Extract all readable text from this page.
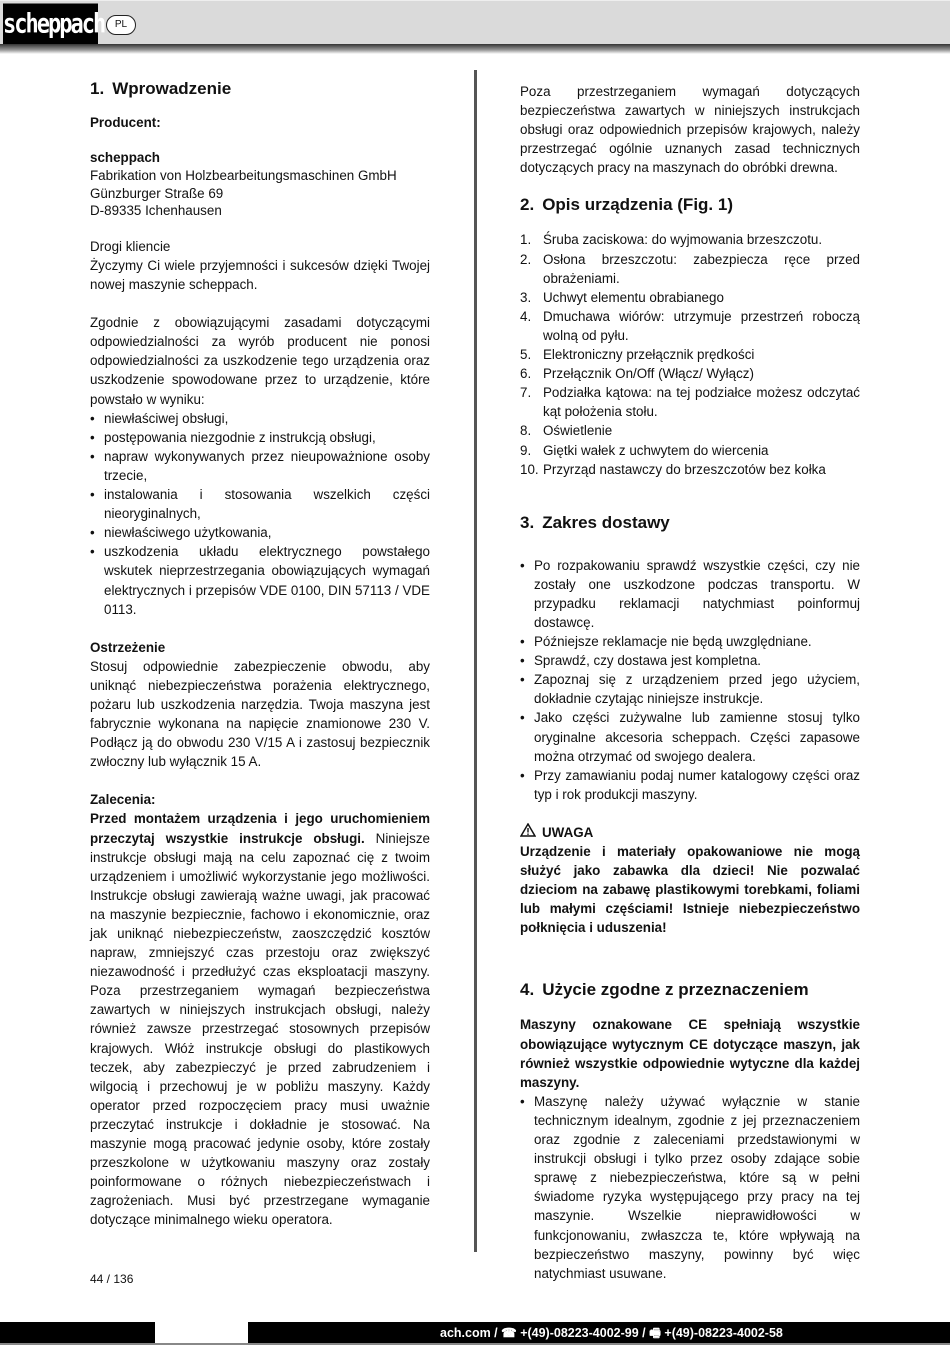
scheppach	PL
1. Wprowadzenie

Producent:

scheppach

Fabrikation von Holzbearbeitungsmaschinen GmbH

Günzburger Straße 69

D-89335 Ichenhausen

Drogi kliencie

Życzymy Ci wiele przyjemności i sukcesów dzięki Twojej nowej maszynie scheppach.

Zgodnie z obowiązującymi zasadami dotyczącymi odpowiedzialności za wyrób producent nie ponosi odpowiedzialności za uszkodzenie tego urządzenia oraz uszkodzenie spowodowane przez to urządzenie, które powstało w wyniku:

• niewłaściwej obsługi,
• postępowania niezgodnie z instrukcją obsługi,
• napraw wykonywanych przez nieupoważnione osoby trzecie,
• instalowania i stosowania wszelkich części nieoryginalnych,
• niewłaściwego użytkowania,
• uszkodzenia układu elektrycznego powstałego wskutek nieprzestrzegania obowiązujących wymagań elektrycznych i przepisów VDE 0100, DIN 57113 / VDE 0113.

Ostrzeżenie

Stosuj odpowiednie zabezpieczenie obwodu, aby uniknąć niebezpieczeństwa porażenia elektrycznego, pożaru lub uszkodzenia narzędzia. Twoja maszyna jest fabrycznie wykonana na napięcie znamionowe 230 V. Podłącz ją do obwodu 230 V/15 A i zastosuj bezpiecznik zwłoczny lub wyłącznik 15 A.

Zalecenia:

Przed montażem urządzenia i jego uruchomieniem przeczytaj wszystkie instrukcje obsługi. Niniejsze instrukcje obsługi mają na celu zapoznać cię z twoim urządzeniem i umożliwić wykorzystanie jego możliwości. Instrukcje obsługi zawierają ważne uwagi, jak pracować na maszynie bezpiecznie, fachowo i ekonomicznie, oraz jak uniknąć niebezpieczeństw, zaoszczędzić kosztów napraw, zmniejszyć czas przestoju oraz zwiększyć niezawodność i przedłużyć czas eksploatacji maszyny. Poza przestrzeganiem wymagań bezpieczeństwa zawartych w niniejszych instrukcjach obsługi, należy również zawsze przestrzegać stosownych przepisów krajowych. Włóż instrukcje obsługi do plastikowych teczek, aby zabezpieczyć je przed zabrudzeniem i wilgocią i przechowuj je w pobliżu maszyny. Każdy operator przed rozpoczęciem pracy musi uważnie przeczytać instrukcje i dokładnie je stosować. Na maszynie mogą pracować jedynie osoby, które zostały przeszkolone w użytkowaniu maszyny oraz zostały poinformowane o różnych niebezpieczeństwach i zagrożeniach. Musi być przestrzegane wymaganie dotyczące minimalnego wieku operatora.

Poza przestrzeganiem wymagań dotyczących bezpieczeństwa zawartych w niniejszych instrukcjach obsługi oraz odpowiednich przepisów krajowych, należy przestrzegać ogólnie uznanych zasad technicznych dotyczących pracy na maszynach do obróbki drewna.

2. Opis urządzenia (Fig. 1)
1. Śruba zaciskowa: do wyjmowania brzeszczotu.
2. Osłona brzeszczotu: zabezpiecza ręce przed obrażeniami.
3. Uchwyt elementu obrabianego
4. Dmuchawa wiórów: utrzymuje przestrzeń roboczą wolną od pyłu.
5. Elektroniczny przełącznik prędkości
6. Przełącznik On/Off (Włącz/ Wyłącz)
7. Podziałka kątowa: na tej podziałce możesz odczytać kąt położenia stołu.
8. Oświetlenie
9. Giętki wałek z uchwytem do wiercenia
10. Przyrząd nastawczy do brzeszczotów bez kołka
3. Zakres dostawy
• Po rozpakowaniu sprawdź wszystkie części, czy nie zostały one uszkodzone podczas transportu. W przypadku reklamacji natychmiast poinformuj dostawcę.
• Późniejsze reklamacje nie będą uwzględniane.
• Sprawdź, czy dostawa jest kompletna.
• Zapoznaj się z urządzeniem przed jego użyciem, dokładnie czytając niniejsze instrukcje.
• Jako części zużywalne lub zamienne stosuj tylko oryginalne akcesoria scheppach. Części zapasowe można otrzymać od swojego dealera.
• Przy zamawianiu podaj numer katalogowy części oraz typ i rok produkcji maszyny.

UWAGA

Urządzenie i materiały opakowaniowe nie mogą służyć jako zabawka dla dzieci! Nie pozwalać dzieciom na zabawę plastikowymi torebkami, foliami lub małymi częściami! Istnieje niebezpieczeństwo połknięcia i uduszenia!

4. Użycie zgodne z przeznaczeniem

Maszyny oznakowane CE spełniają wszystkie obowiązujące wytycznym CE dotyczące maszyn, jak również wszystkie odpowiednie wytyczne dla każdej maszyny.

• Maszynę należy używać wyłącznie w stanie technicznym idealnym, zgodnie z jej przeznaczeniem oraz zgodnie z zaleceniami przedstawionymi w instrukcji obsługi i tylko przez osoby zdające sobie sprawę z niebezpieczeństwa, które są w pełni świadome ryzyka występującego przy pracy na tej maszynie. Wszelkie nieprawidłowości w funkcjonowaniu, zwłaszcza te, które wpływają na bezpieczeństwo maszyny, powinny być więc natychmiast usuwane.
44 / 136
ach.com / ☎ +(49)-08223-4002-99 / 🖷 +(49)-08223-4002-58
